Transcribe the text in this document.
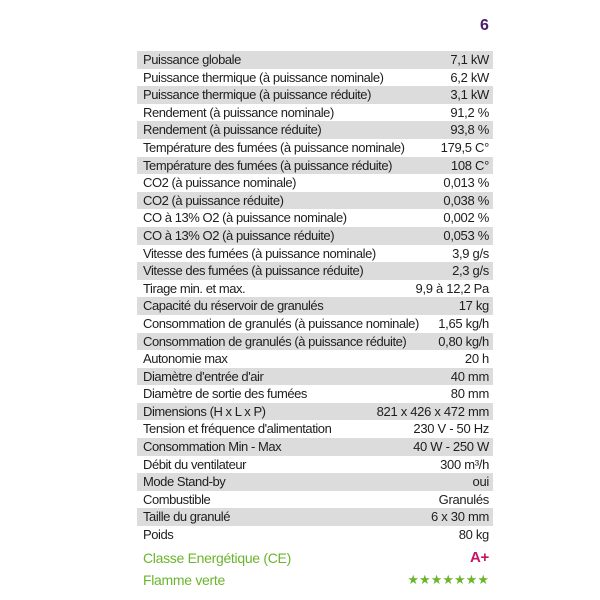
6
Puissance globale	7,1 kW
Puissance thermique (à puissance nominale)	6,2 kW
Puissance thermique (à puissance réduite)	3,1 kW
Rendement (à puissance nominale)	91,2 %
Rendement (à puissance réduite)	93,8 %
Température des fumées (à puissance nominale)	179,5 C°
Température des fumées (à puissance réduite)	108 C°
CO2 (à puissance nominale)	0,013 %
CO2 (à puissance réduite)	0,038 %
CO à 13% O2 (à puissance nominale)	0,002 %
CO à 13% O2 (à puissance réduite)	0,053 %
Vitesse des fumées (à puissance nominale)	3,9 g/s
Vitesse des fumées (à puissance réduite)	2,3 g/s
Tirage min. et max.	9,9 à 12,2 Pa
Capacité du réservoir de granulés	17 kg
Consommation de granulés (à puissance nominale) 1,65 kg/h
Consommation de granulés (à puissance réduite) 0,80 kg/h
Autonomie max	20 h
Diamètre d'entrée d'air	40 mm
Diamètre de sortie des fumées	80 mm
Dimensions (H x L x P)	821 x 426 x 472 mm
Tension et fréquence d'alimentation	230 V - 50 Hz
Consommation Min - Max	40 W - 250 W
Débit du ventilateur	300 m³/h
Mode Stand-by	oui
Combustible	Granulés
Taille du granulé	6 x 30 mm
Poids	80 kg
Classe Energétique (CE)	A+
Flamme verte	★★★★★★★
